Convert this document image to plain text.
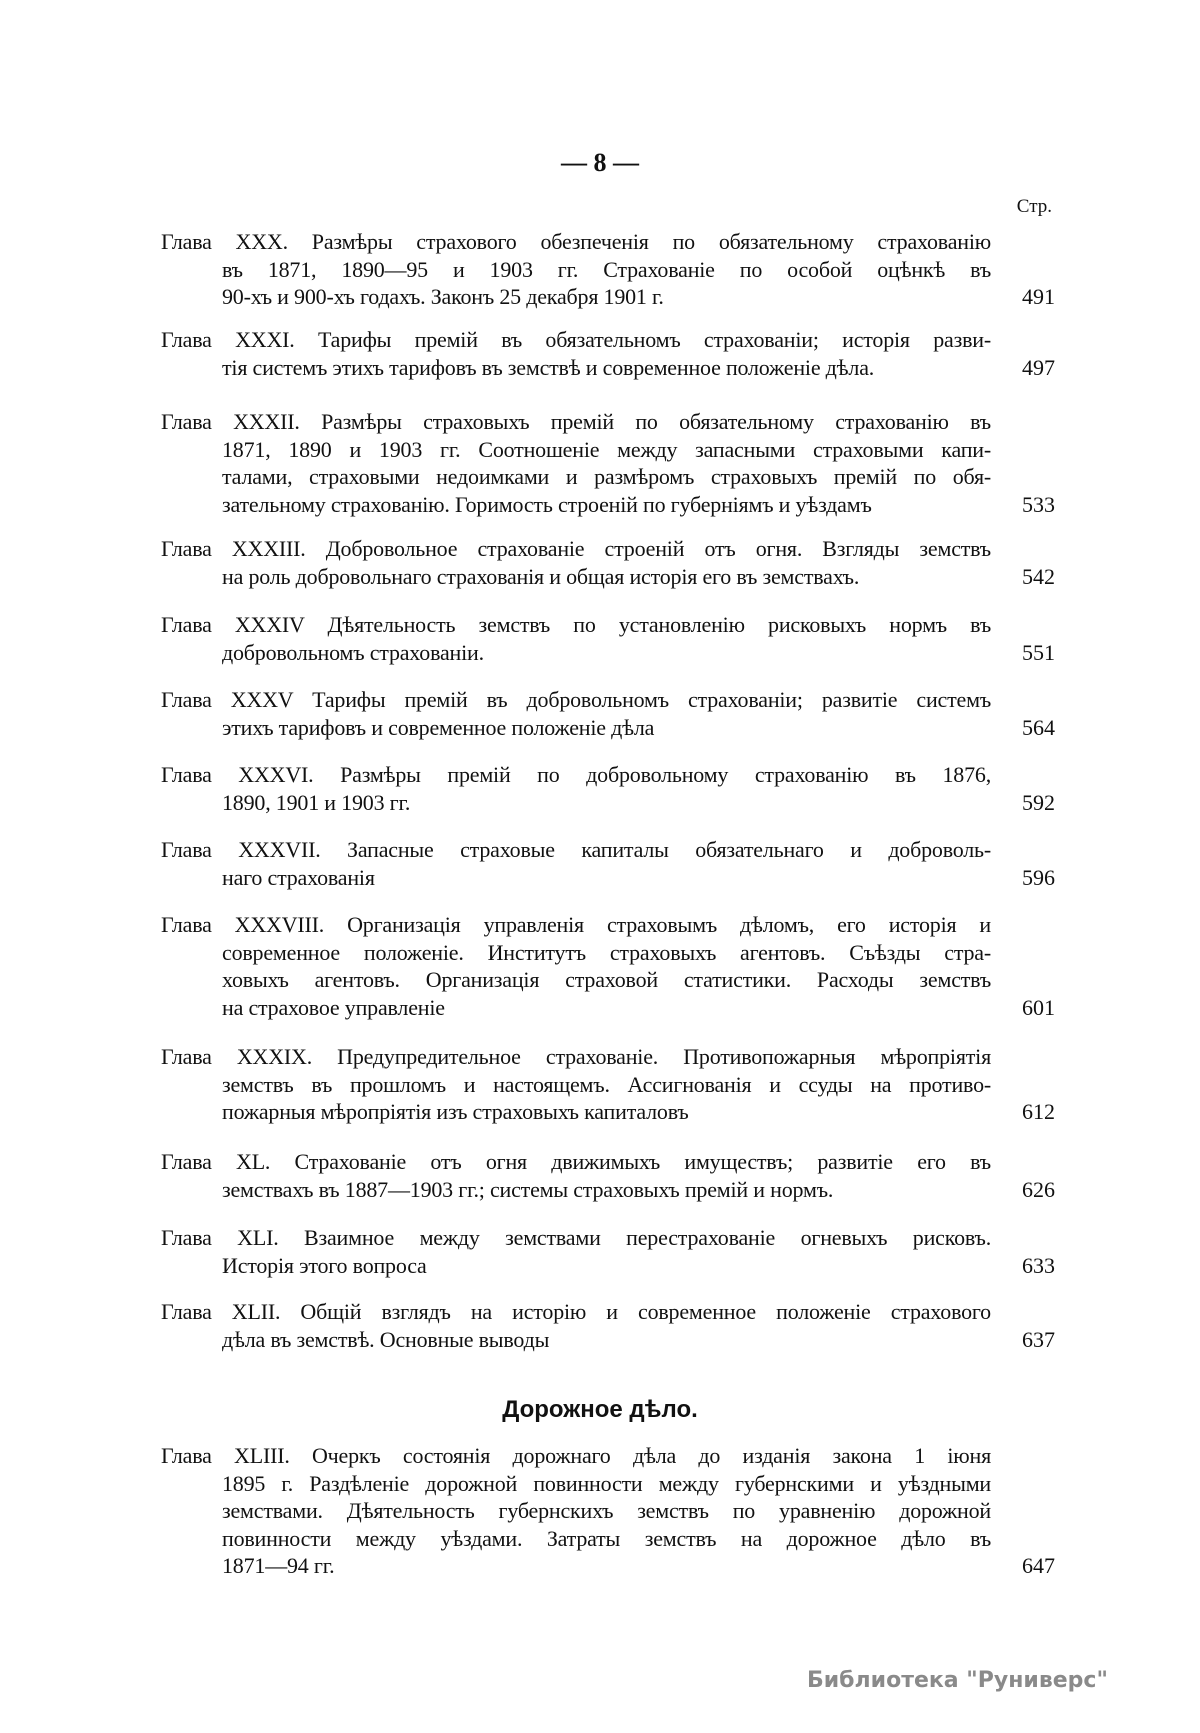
— 8 —
Стр.
Глава XXX. Размѣры страхового обезпеченія по обязательному страхованію
въ 1871, 1890—95 и 1903 гг. Страхованіе по особой оцѣнкѣ въ
90-хъ и 900-хъ годахъ. Законъ 25 декабря 1901 г.	491
Глава XXXI. Тарифы премій въ обязательномъ страхованіи; исторія разви-
тія системъ этихъ тарифовъ въ земствѣ и современное положеніе дѣла.	497
Глава XXXII. Размѣры страховыхъ премій по обязательному страхованію въ
1871, 1890 и 1903 гг. Соотношеніе между запасными страховыми капи-
талами, страховыми недоимками и размѣромъ страховыхъ премій по обя-
зательному страхованію. Горимость строеній по губерніямъ и уѣздамъ	533
Глава XXXIII. Добровольное страхованіе строеній отъ огня. Взгляды земствъ
на роль добровольнаго страхованія и общая исторія его въ земствахъ.	542
Глава XXXIV Дѣятельность земствъ по установленію рисковыхъ нормъ въ
добровольномъ страхованіи.	551
Глава XXXV Тарифы премій въ добровольномъ страхованіи; развитіе системъ
этихъ тарифовъ и современное положеніе дѣла	564
Глава XXXVI. Размѣры премій по добровольному страхованію въ 1876,
1890, 1901 и 1903 гг.	592
Глава XXXVII. Запасные страховые капиталы обязательнаго и доброволь-
наго страхованія	596
Глава XXXVIII. Организація управленія страховымъ дѣломъ, его исторія и
современное положеніе. Институтъ страховыхъ агентовъ. Съѣзды стра-
ховыхъ агентовъ. Организація страховой статистики. Расходы земствъ
на страховое управленіе	601
Глава XXXIX. Предупредительное страхованіе. Противопожарныя мѣропріятія
земствъ въ прошломъ и настоящемъ. Ассигнованія и ссуды на противо-
пожарныя мѣропріятія изъ страховыхъ капиталовъ	612
Глава XL. Страхованіе отъ огня движимыхъ имуществъ; развитіе его въ
земствахъ въ 1887—1903 гг.; системы страховыхъ премій и нормъ.	626
Глава XLI. Взаимное между земствами перестрахованіе огневыхъ рисковъ.
Исторія этого вопроса	633
Глава XLII. Общій взглядъ на исторію и современное положеніе страхового
дѣла въ земствѣ. Основные выводы	637
Дорожное дѣло.
Глава XLIII. Очеркъ состоянія дорожнаго дѣла до изданія закона 1 іюня
1895 г. Раздѣленіе дорожной повинности между губернскими и уѣздными
земствами. Дѣятельность губернскихъ земствъ по уравненію дорожной
повинности между уѣздами. Затраты земствъ на дорожное дѣло въ
1871—94 гг.	647
Библиотека "Руниверс"
